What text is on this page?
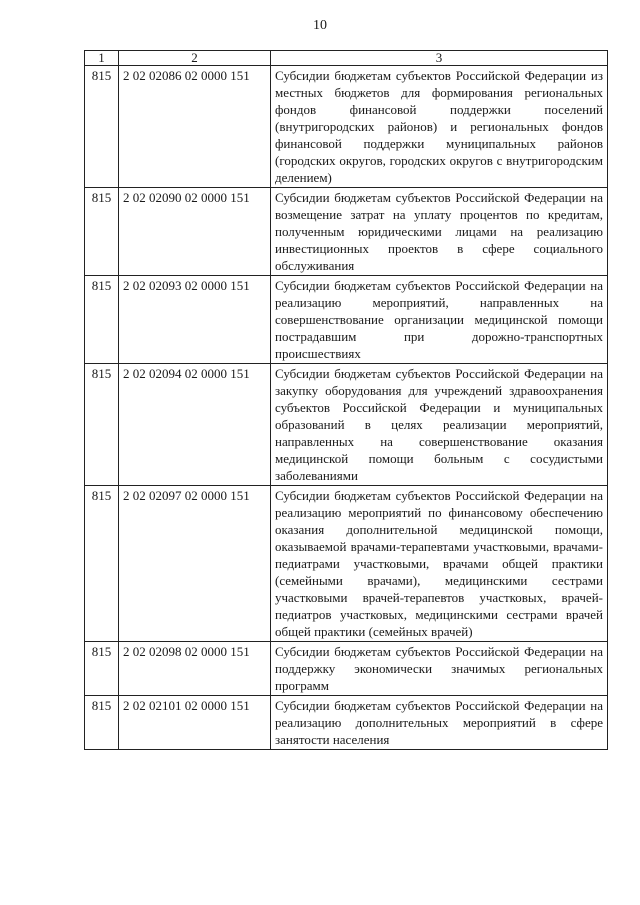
10
1	2	3
815	2 02 02086 02 0000 151	Субсидии бюджетам субъектов Российской Федерации из местных бюджетов для формирования региональных фондов финансовой поддержки поселений (внутригородских районов) и региональных фондов финансовой поддержки муниципальных районов (городских округов, городских округов с внутригородским делением)
815	2 02 02090 02 0000 151	Субсидии бюджетам субъектов Российской Федерации на возмещение затрат на уплату процентов по кредитам, полученным юридическими лицами на реализацию инвестиционных проектов в сфере социального обслуживания
815	2 02 02093 02 0000 151	Субсидии бюджетам субъектов Российской Федерации на реализацию мероприятий, направленных на совершенствование организации медицинской помощи пострадавшим при дорожно-транспортных происшествиях
815	2 02 02094 02 0000 151	Субсидии бюджетам субъектов Российской Федерации на закупку оборудования для учреждений здравоохранения субъектов Российской Федерации и муниципальных образований в целях реализации мероприятий, направленных на совершенствование оказания медицинской помощи больным с сосудистыми заболеваниями
815	2 02 02097 02 0000 151	Субсидии бюджетам субъектов Российской Федерации на реализацию мероприятий по финансовому обеспечению оказания дополнительной медицинской помощи, оказываемой врачами-терапевтами участковыми, врачами-педиатрами участковыми, врачами общей практики (семейными врачами), медицинскими сестрами участковыми врачей-терапевтов участковых, врачей-педиатров участковых, медицинскими сестрами врачей общей практики (семейных врачей)
815	2 02 02098 02 0000 151	Субсидии бюджетам субъектов Российской Федерации на поддержку экономически значимых региональных программ
815	2 02 02101 02 0000 151	Субсидии бюджетам субъектов Российской Федерации на реализацию дополнительных мероприятий в сфере занятости населения
